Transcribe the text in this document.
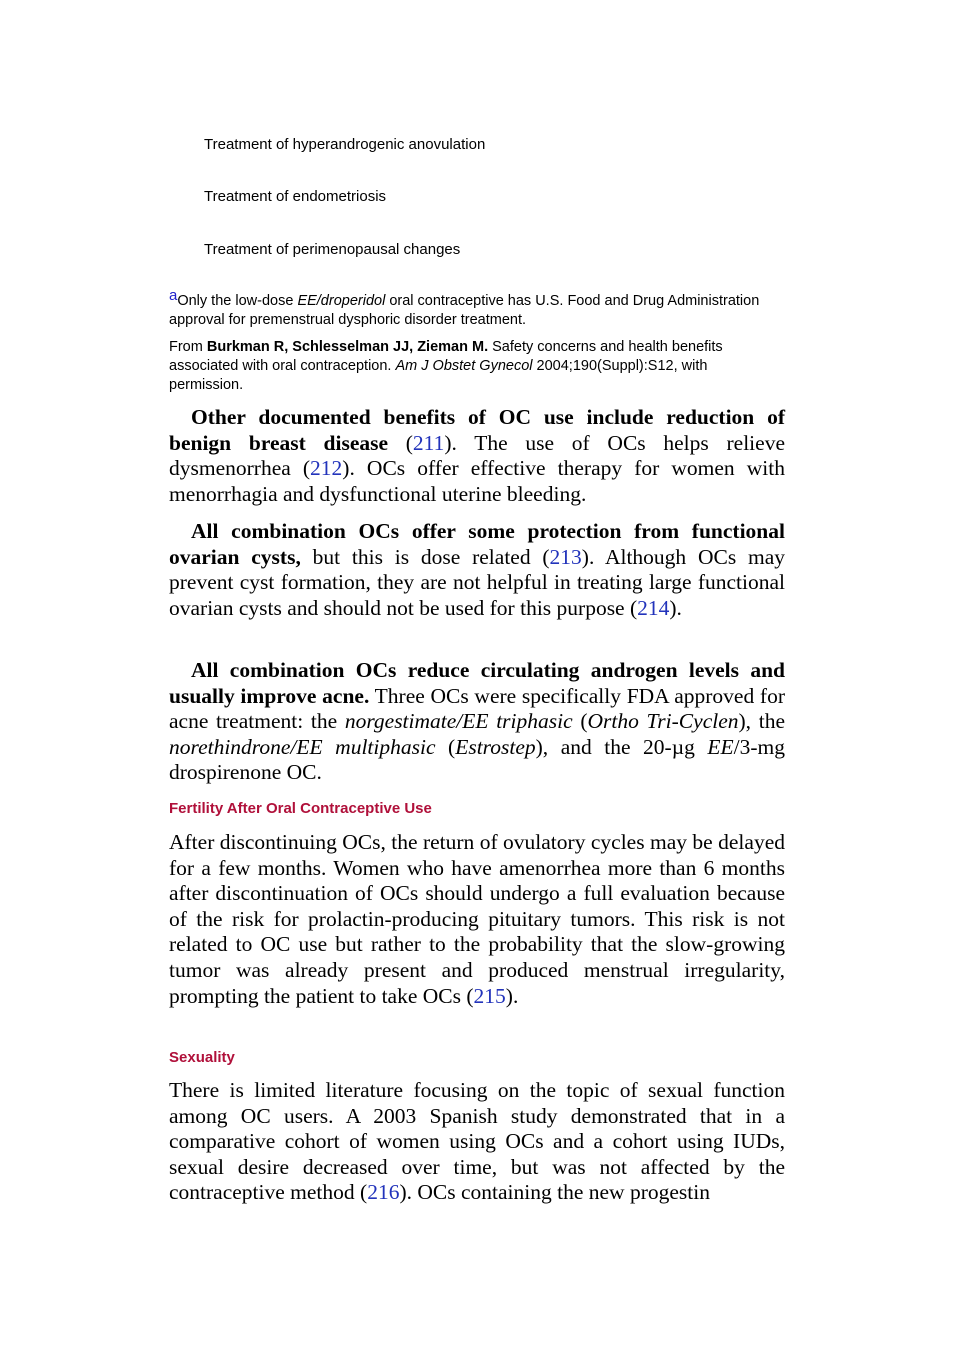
Treatment of hyperandrogenic anovulation
Treatment of endometriosis
Treatment of perimenopausal changes
aOnly the low-dose EE/droperidol oral contraceptive has U.S. Food and Drug Administration approval for premenstrual dysphoric disorder treatment.
From Burkman R, Schlesselman JJ, Zieman M. Safety concerns and health benefits associated with oral contraception. Am J Obstet Gynecol 2004;190(Suppl):S12, with permission.

Other documented benefits of OC use include reduction of benign breast disease (211). The use of OCs helps relieve dysmenorrhea (212). OCs offer effective therapy for women with menorrhagia and dysfunctional uterine bleeding.

All combination OCs offer some protection from functional ovarian cysts, but this is dose related (213). Although OCs may prevent cyst formation, they are not helpful in treating large functional ovarian cysts and should not be used for this purpose (214).

All combination OCs reduce circulating androgen levels and usually improve acne. Three OCs were specifically FDA approved for acne treatment: the norgestimate/EE triphasic (Ortho Tri-Cyclen), the norethindrone/EE multiphasic (Estrostep), and the 20-µg EE/3-mg drospirenone OC.

Fertility After Oral Contraceptive Use

After discontinuing OCs, the return of ovulatory cycles may be delayed for a few months. Women who have amenorrhea more than 6 months after discontinuation of OCs should undergo a full evaluation because of the risk for prolactin-producing pituitary tumors. This risk is not related to OC use but rather to the probability that the slow-growing tumor was already present and produced menstrual irregularity, prompting the patient to take OCs (215).

Sexuality

There is limited literature focusing on the topic of sexual function among OC users. A 2003 Spanish study demonstrated that in a comparative cohort of women using OCs and a cohort using IUDs, sexual desire decreased over time, but was not affected by the contraceptive method (216). OCs containing the new progestin
